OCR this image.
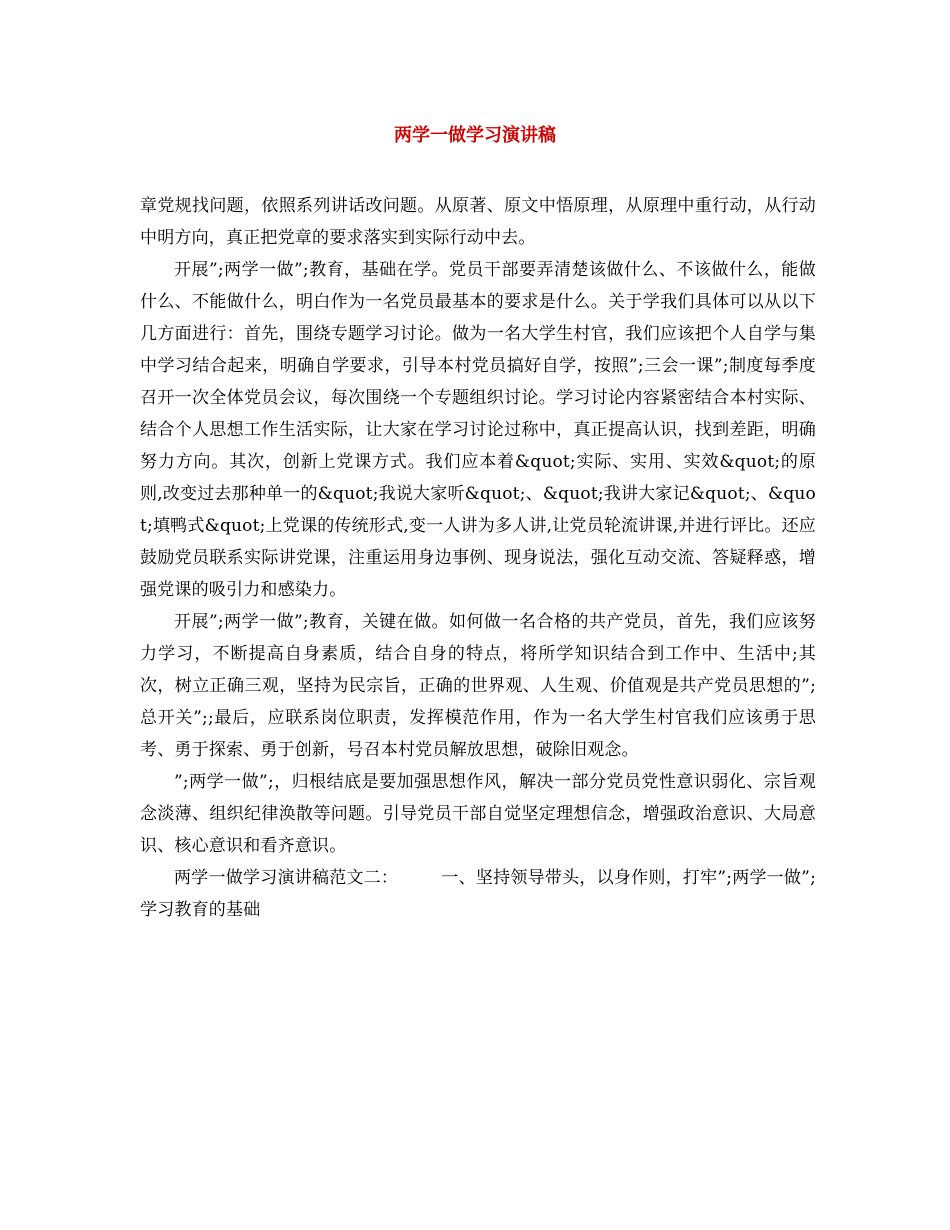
两学一做学习演讲稿

章党规找问题，依照系列讲话改问题。从原著、原文中悟原理，从原理中重行动，从行动中明方向，真正把党章的要求落实到实际行动中去。

开展”;两学一做”;教育，基础在学。党员干部要弄清楚该做什么、不该做什么，能做什么、不能做什么，明白作为一名党员最基本的要求是什么。关于学我们具体可以从以下几方面进行：首先，围绕专题学习讨论。做为一名大学生村官，我们应该把个人自学与集中学习结合起来，明确自学要求，引导本村党员搞好自学，按照”;三会一课”;制度每季度召开一次全体党员会议，每次围绕一个专题组织讨论。学习讨论内容紧密结合本村实际、结合个人思想工作生活实际，让大家在学习讨论过称中，真正提高认识，找到差距，明确努力方向。其次，创新上党课方式。我们应本着&quot;实际、实用、实效&quot;的原则,改变过去那种单一的&quot;我说大家听&quot;、&quot;我讲大家记&quot;、&quot;填鸭式&quot;上党课的传统形式,变一人讲为多人讲,让党员轮流讲课,并进行评比。还应鼓励党员联系实际讲党课，注重运用身边事例、现身说法，强化互动交流、答疑释惑，增强党课的吸引力和感染力。

开展”;两学一做”;教育，关键在做。如何做一名合格的共产党员，首先，我们应该努力学习，不断提高自身素质，结合自身的特点，将所学知识结合到工作中、生活中;其次，树立正确三观，坚持为民宗旨，正确的世界观、人生观、价值观是共产党员思想的”;总开关”;;最后，应联系岗位职责，发挥模范作用，作为一名大学生村官我们应该勇于思考、勇于探索、勇于创新，号召本村党员解放思想，破除旧观念。

”;两学一做”;，归根结底是要加强思想作风，解决一部分党员党性意识弱化、宗旨观念淡薄、组织纪律涣散等问题。引导党员干部自觉坚定理想信念，增强政治意识、大局意识、核心意识和看齐意识。

两学一做学习演讲稿范文二：　　　一、坚持领导带头，以身作则，打牢”;两学一做”;学习教育的基础
